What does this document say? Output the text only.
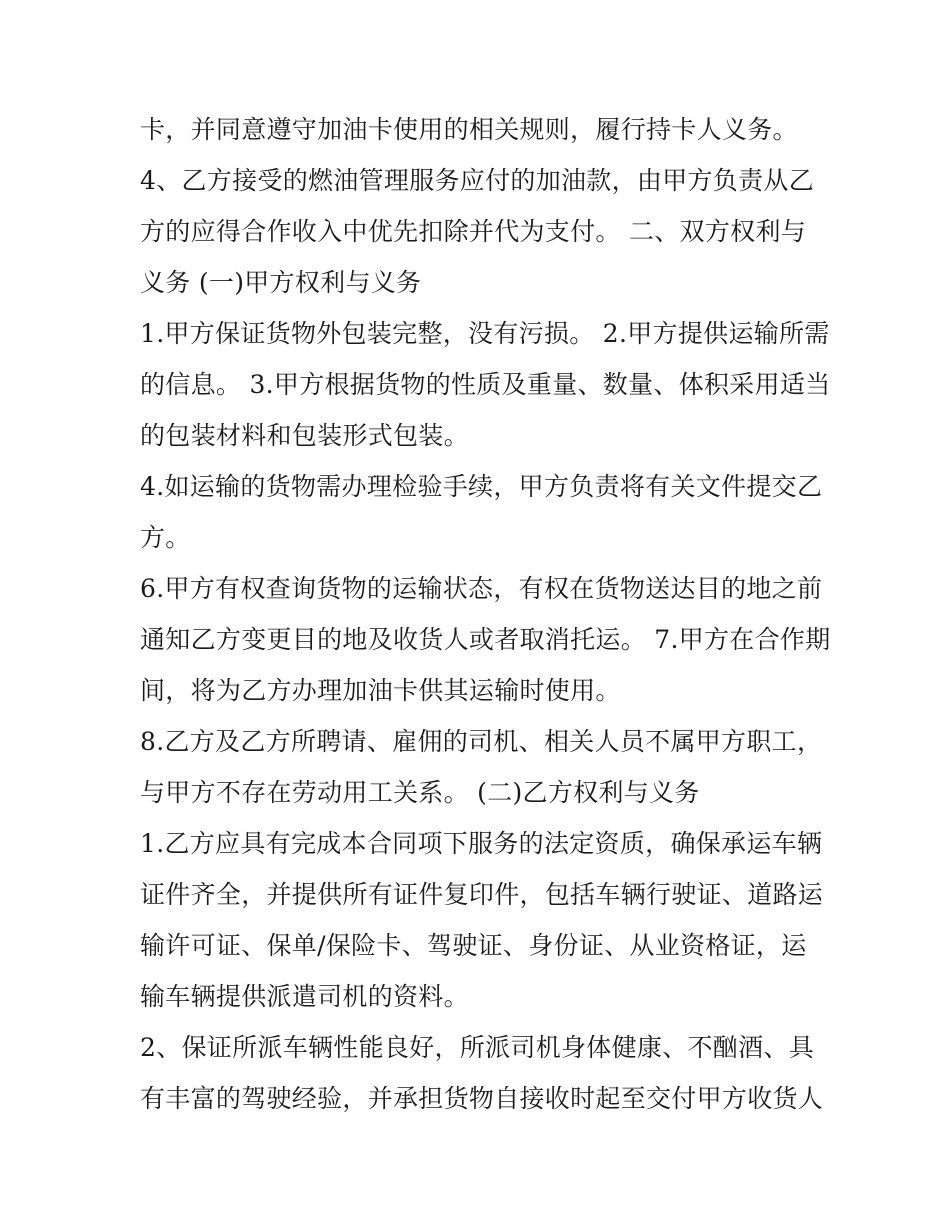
卡，并同意遵守加油卡使用的相关规则，履行持卡人义务。
4、乙方接受的燃油管理服务应付的加油款，由甲方负责从乙
方的应得合作收入中优先扣除并代为支付。 二、双方权利与
义务 (一)甲方权利与义务
1.甲方保证货物外包装完整，没有污损。 2.甲方提供运输所需
的信息。 3.甲方根据货物的性质及重量、数量、体积采用适当
的包装材料和包装形式包装。
4.如运输的货物需办理检验手续，甲方负责将有关文件提交乙
方。
6.甲方有权查询货物的运输状态，有权在货物送达目的地之前
通知乙方变更目的地及收货人或者取消托运。 7.甲方在合作期
间，将为乙方办理加油卡供其运输时使用。
8.乙方及乙方所聘请、雇佣的司机、相关人员不属甲方职工，
与甲方不存在劳动用工关系。 (二)乙方权利与义务
1.乙方应具有完成本合同项下服务的法定资质，确保承运车辆
证件齐全，并提供所有证件复印件，包括车辆行驶证、道路运
输许可证、保单/保险卡、驾驶证、身份证、从业资格证，运
输车辆提供派遣司机的资料。
2、保证所派车辆性能良好，所派司机身体健康、不酗酒、具
有丰富的驾驶经验，并承担货物自接收时起至交付甲方收货人
